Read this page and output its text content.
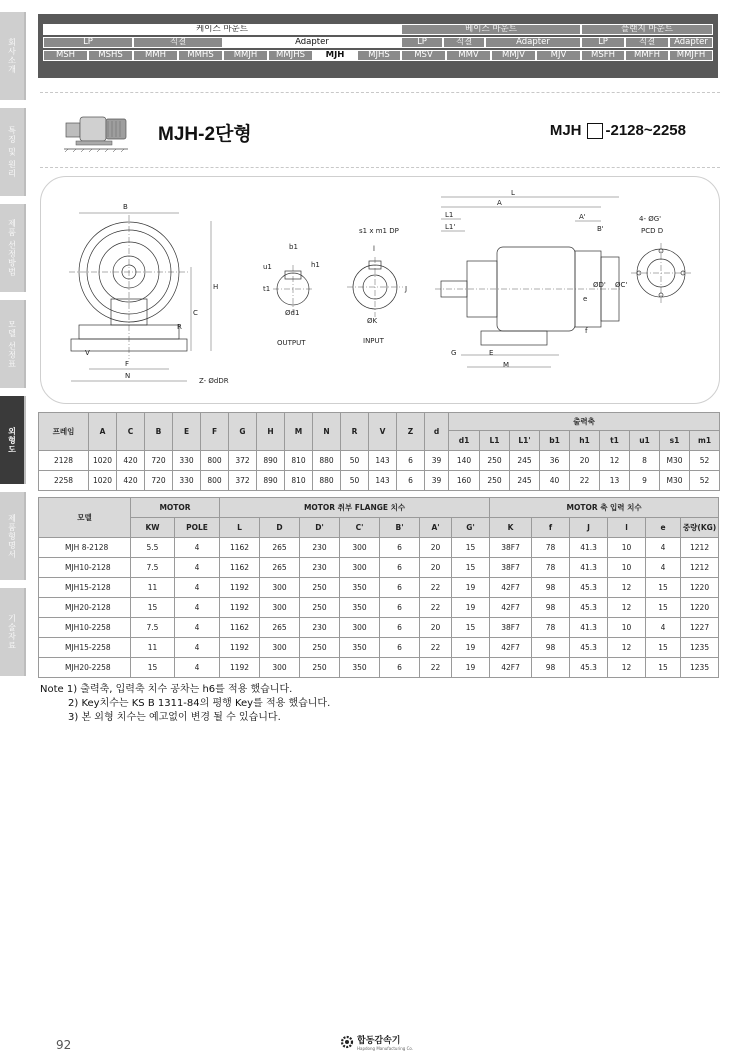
회사소개
특징 및 원리
제품 선정방법
모델 선정표
외형도
제품형명서
기술자료
케이스 마운트	베이스 마운트	플랜지 마운트
LP	직결	Adapter	LP	직결	Adapter	LP	직결	Adapter
MSH	MSHS	MMH	MMHS	MMJH	MMJHS	MJH	MJHS	MSV	MMV	MMJV	MJV	MSFH	MMFH	MMJFH
MJH-2단형	MJH -2128~2258
B
H
C
R
F
N
V
Z- ØdDR
b1
u1
t1
h1
Ød1
OUTPUT
s1 x m1 DP
l
J
ØK
INPUT
L
A
L1
L1'
A'
B'
4- ØG'
PCD D
ØD' ØC'
e
f
G	E
M
프레임	A	C	B	E	F	G	H	M	N	R	V	Z	d	출력축								
														d1	L1	L1'	b1	h1	t1	u1	s1	m1
2128	1020	420	720	330	800	372	890	810	880	50	143	6	39	140	250	245	36	20	12	8	M30	52
2258	1020	420	720	330	800	372	890	810	880	50	143	6	39	160	250	245	40	22	13	9	M30	52
모델	MOTOR		MOTOR 취부 FLANGE 치수							MOTOR 축 입력 치수					
	KW	POLE	L	D	D'	C'	B'	A'	G'	K	f	J	l	e	중량(KG)
MJH 8-2128	5.5	4	1162	265	230	300	6	20	15	38F7	78	41.3	10	4	1212
MJH10-2128	7.5	4	1162	265	230	300	6	20	15	38F7	78	41.3	10	4	1212
MJH15-2128	11	4	1192	300	250	350	6	22	19	42F7	98	45.3	12	15	1220
MJH20-2128	15	4	1192	300	250	350	6	22	19	42F7	98	45.3	12	15	1220
MJH10-2258	7.5	4	1162	265	230	300	6	20	15	38F7	78	41.3	10	4	1227
MJH15-2258	11	4	1192	300	250	350	6	22	19	42F7	98	45.3	12	15	1235
MJH20-2258	15	4	1192	300	250	350	6	22	19	42F7	98	45.3	12	15	1235
Note 1) 출력축, 입력축 치수 공차는 h6를 적용 했습니다.
2) Key치수는 KS B 1311-84의 평행 Key를 적용 했습니다.
3) 본 외형 치수는 예고없이 변경 될 수 있습니다.
92	합동감속기
Hapdong Manufacturing Co.
